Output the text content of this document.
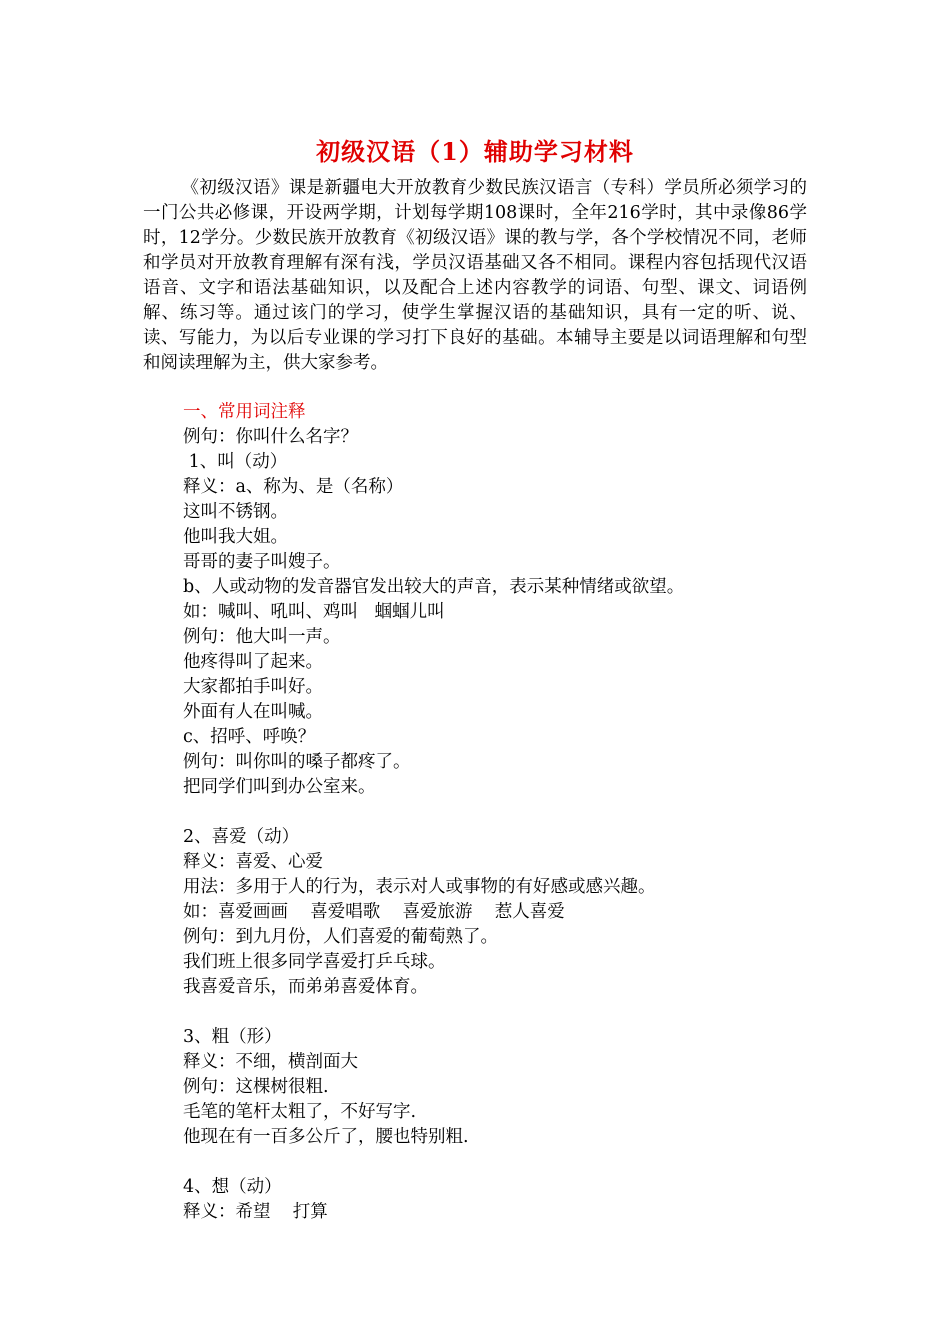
初级汉语（1）辅助学习材料

《初级汉语》课是新疆电大开放教育少数民族汉语言（专科）学员所必须学习的一门公共必修课，开设两学期，计划每学期108课时，全年216学时，其中录像86学时，12学分。少数民族开放教育《初级汉语》课的教与学，各个学校情况不同，老师和学员对开放教育理解有深有浅，学员汉语基础又各不相同。课程内容包括现代汉语语音、文字和语法基础知识，以及配合上述内容教学的词语、句型、课文、词语例解、练习等。通过该门的学习，使学生掌握汉语的基础知识，具有一定的听、说、读、写能力，为以后专业课的学习打下良好的基础。本辅导主要是以词语理解和句型和阅读理解为主，供大家参考。

一、常用词注释
例句：你叫什么名字？
1、叫（动）
释义：a、称为、是（名称）
这叫不锈钢。
他叫我大姐。
哥哥的妻子叫嫂子。
b、人或动物的发音器官发出较大的声音，表示某种情绪或欲望。
如：喊叫、吼叫、鸡叫   蝈蝈儿叫
例句：他大叫一声。
他疼得叫了起来。
大家都拍手叫好。
外面有人在叫喊。
c、招呼、呼唤？
例句：叫你叫的嗓子都疼了。
把同学们叫到办公室来。
2、喜爱（动）
释义：喜爱、心爱
用法：多用于人的行为，表示对人或事物的有好感或感兴趣。
如：喜爱画画    喜爱唱歌    喜爱旅游    惹人喜爱
例句：到九月份，人们喜爱的葡萄熟了。
我们班上很多同学喜爱打乒乓球。
我喜爱音乐，而弟弟喜爱体育。
3、粗（形）
释义：不细，横剖面大
例句：这棵树很粗.
毛笔的笔杆太粗了，不好写字.
他现在有一百多公斤了，腰也特别粗.
4、想（动）
释义：希望    打算
